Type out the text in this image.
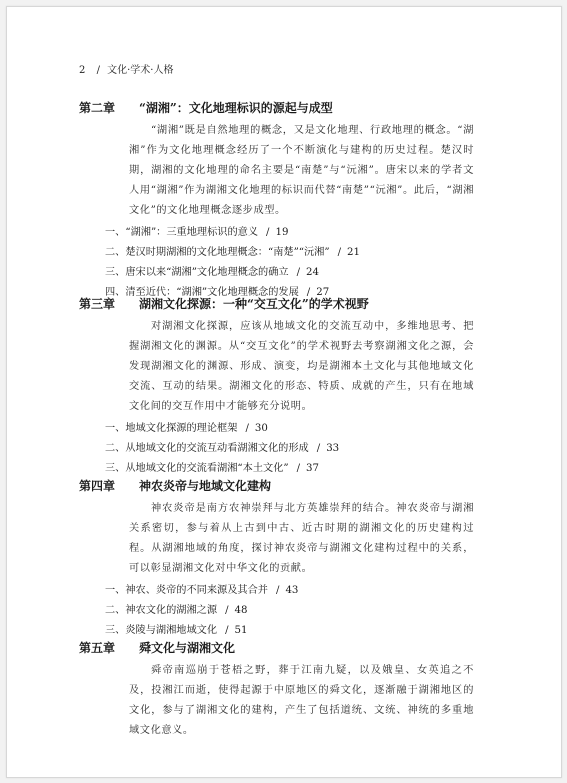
2 / 文化·学术·人格
第二章 “湖湘”：文化地理标识的源起与成型
“湖湘”既是自然地理的概念，又是文化地理、行政地理的概念。“湖湘”作为文化地理概念经历了一个不断演化与建构的历史过程。楚汉时期，湖湘的文化地理的命名主要是“南楚”与“沅湘”。唐宋以来的学者文人用“湖湘”作为湖湘文化地理的标识而代替“南楚”“沅湘”。此后，“湖湘文化”的文化地理概念逐步成型。
一、“湖湘”：三重地理标识的意义 / 19
二、楚汉时期湖湘的文化地理概念：“南楚”“沅湘” / 21
三、唐宋以来“湖湘”文化地理概念的确立 / 24
四、清至近代：“湖湘”文化地理概念的发展 / 27
第三章 湖湘文化探源：一种“交互文化”的学术视野
对湖湘文化探源，应该从地域文化的交流互动中，多维地思考、把握湖湘文化的渊源。从“交互文化”的学术视野去考察湖湘文化之源，会发现湖湘文化的渊源、形成、演变，均是湖湘本土文化与其他地域文化交流、互动的结果。湖湘文化的形态、特质、成就的产生，只有在地域文化间的交互作用中才能够充分说明。
一、地域文化探源的理论框架 / 30
二、从地域文化的交流互动看湖湘文化的形成 / 33
三、从地域文化的交流看湖湘“本土文化” / 37
第四章 神农炎帝与地域文化建构
神农炎帝是南方农神崇拜与北方英雄崇拜的结合。神农炎帝与湖湘关系密切，参与着从上古到中古、近古时期的湖湘文化的历史建构过程。从湖湘地域的角度，探讨神农炎帝与湖湘文化建构过程中的关系，可以彰显湖湘文化对中华文化的贡献。
一、神农、炎帝的不同来源及其合并 / 43
二、神农文化的湖湘之源 / 48
三、炎陵与湖湘地域文化 / 51
第五章 舜文化与湖湘文化
舜帝南巡崩于苍梧之野，葬于江南九疑，以及娥皇、女英追之不及，投湘江而逝，使得起源于中原地区的舜文化，逐渐融于湖湘地区的文化，参与了湖湘文化的建构，产生了包括道统、文统、神统的多重地域文化意义。
